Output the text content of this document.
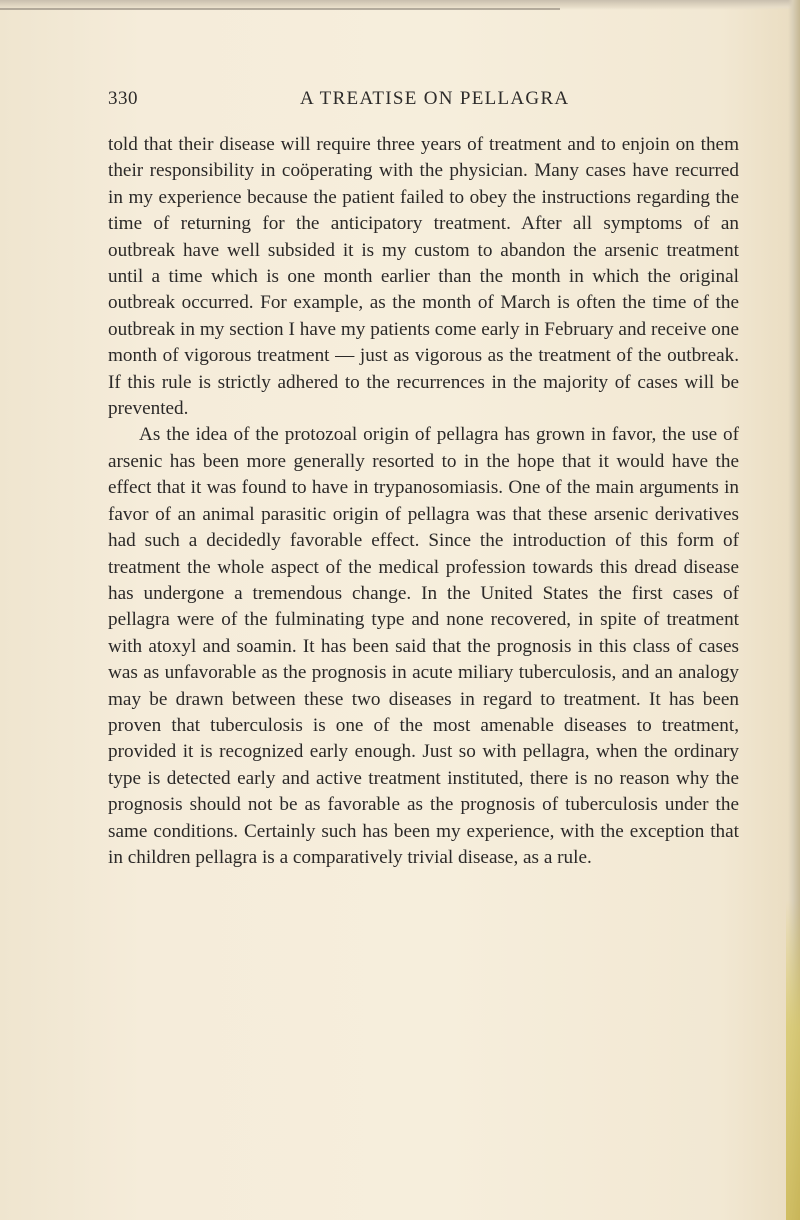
330	A TREATISE ON PELLAGRA

told that their disease will require three years of treatment and to enjoin on them their responsibility in coöperating with the physician. Many cases have recurred in my experience because the patient failed to obey the instructions regarding the time of returning for the anticipatory treatment. After all symptoms of an outbreak have well subsided it is my custom to abandon the arsenic treatment until a time which is one month earlier than the month in which the original outbreak occurred. For example, as the month of March is often the time of the outbreak in my section I have my patients come early in February and receive one month of vigorous treatment — just as vigorous as the treatment of the outbreak. If this rule is strictly adhered to the recurrences in the majority of cases will be prevented.

As the idea of the protozoal origin of pellagra has grown in favor, the use of arsenic has been more generally resorted to in the hope that it would have the effect that it was found to have in trypanosomiasis. One of the main arguments in favor of an animal parasitic origin of pellagra was that these arsenic derivatives had such a decidedly favorable effect. Since the introduction of this form of treatment the whole aspect of the medical profession towards this dread disease has undergone a tremendous change. In the United States the first cases of pellagra were of the fulminating type and none recovered, in spite of treatment with atoxyl and soamin. It has been said that the prognosis in this class of cases was as unfavorable as the prognosis in acute miliary tuberculosis, and an analogy may be drawn between these two diseases in regard to treatment. It has been proven that tuberculosis is one of the most amenable diseases to treatment, provided it is recognized early enough. Just so with pellagra, when the ordinary type is detected early and active treatment instituted, there is no reason why the prognosis should not be as favorable as the prognosis of tuberculosis under the same conditions. Certainly such has been my experience, with the exception that in children pellagra is a comparatively trivial disease, as a rule.
